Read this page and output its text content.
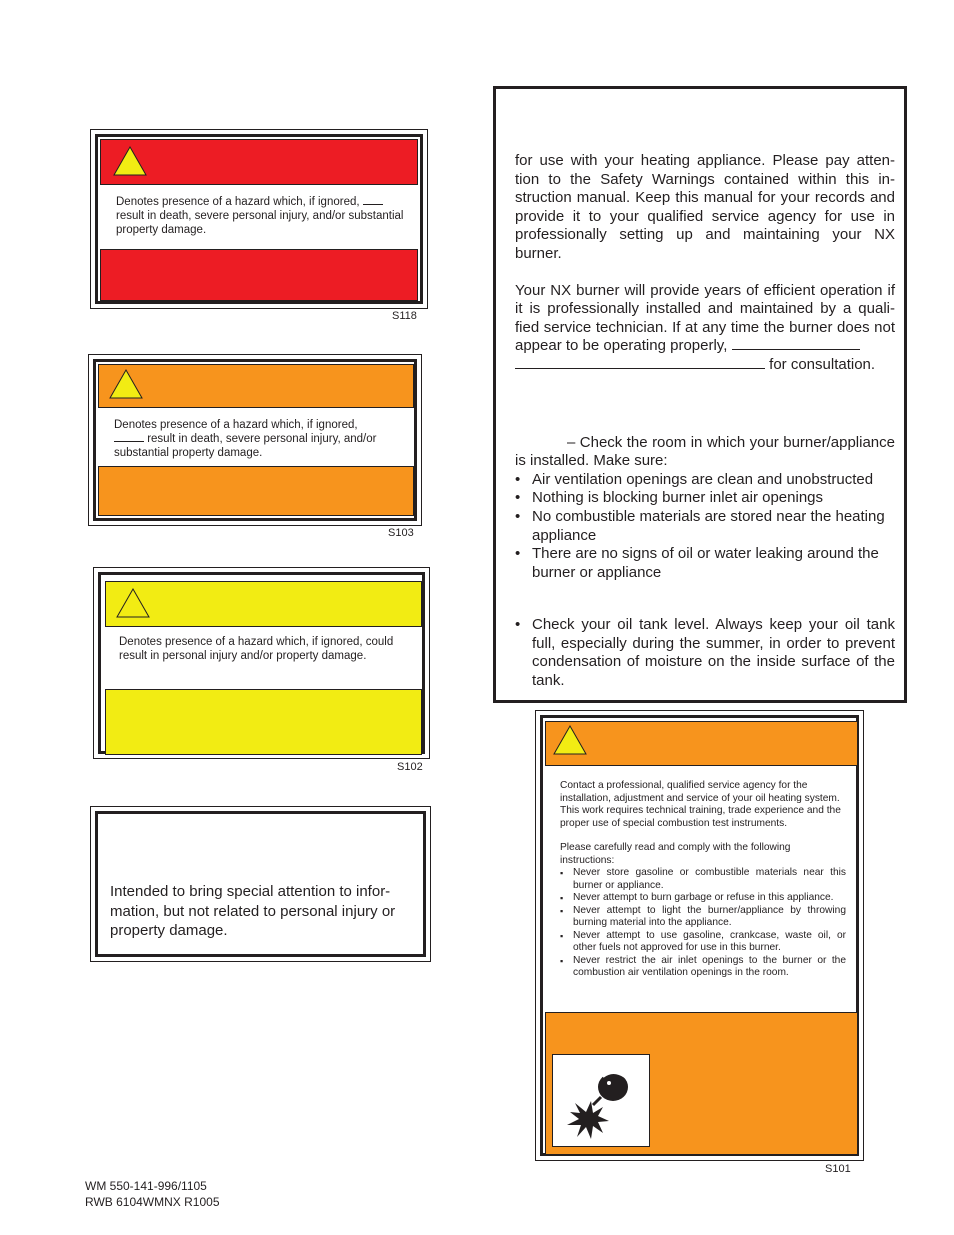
Denotes presence of a hazard which, if ignored,  result in death, severe personal injury, and/or substantial property damage.
S118
Denotes presence of a hazard which, if ignored,
result in death, severe personal injury, and/or substantial property damage.
S103
Denotes presence of a hazard which, if ignored, could result in personal injury and/or property damage.
S102
Intended to bring special attention to infor- mation, but not related to personal injury or property damage.
for use with your heating appliance. Please pay atten- tion to the Safety Warnings contained within this in- struction manual. Keep this manual for your records and provide it to your qualified service agency for use in professionally setting up and maintaining your NX burner.
Your NX burner will provide years of efficient operation if it is professionally installed and maintained by a quali- fied service technician. If at any time the burner does not appear to be operating properly,
for consultation.
– Check the room in which your burner/appliance is installed. Make sure:
• Air ventilation openings are clean and unobstructed
• Nothing is blocking burner inlet air openings
• No combustible materials are stored near the heating appliance
• There are no signs of oil or water leaking around the burner or appliance
• Check your oil tank level. Always keep your oil tank full, especially during the summer, in order to prevent condensation of moisture on the inside surface of the tank.
Contact a professional, qualified service agency for the installation, adjustment and service of your oil heating system. This work requires technical training, trade experience and the proper use of special combustion test instruments.
Please carefully read and comply with the following instructions:
▪ Never store gasoline or combustible materials near this burner or appliance.
▪ Never attempt to burn garbage or refuse in this appliance.
▪ Never attempt to light the burner/appliance by throwing burning material into the appliance.
▪ Never attempt to use gasoline, crankcase, waste oil, or other fuels not approved for use in this burner.
▪ Never restrict the air inlet openings to the burner or the combustion air ventilation openings in the room.
S101
WM 550-141-996/1105
RWB 6104WMNX R1005
